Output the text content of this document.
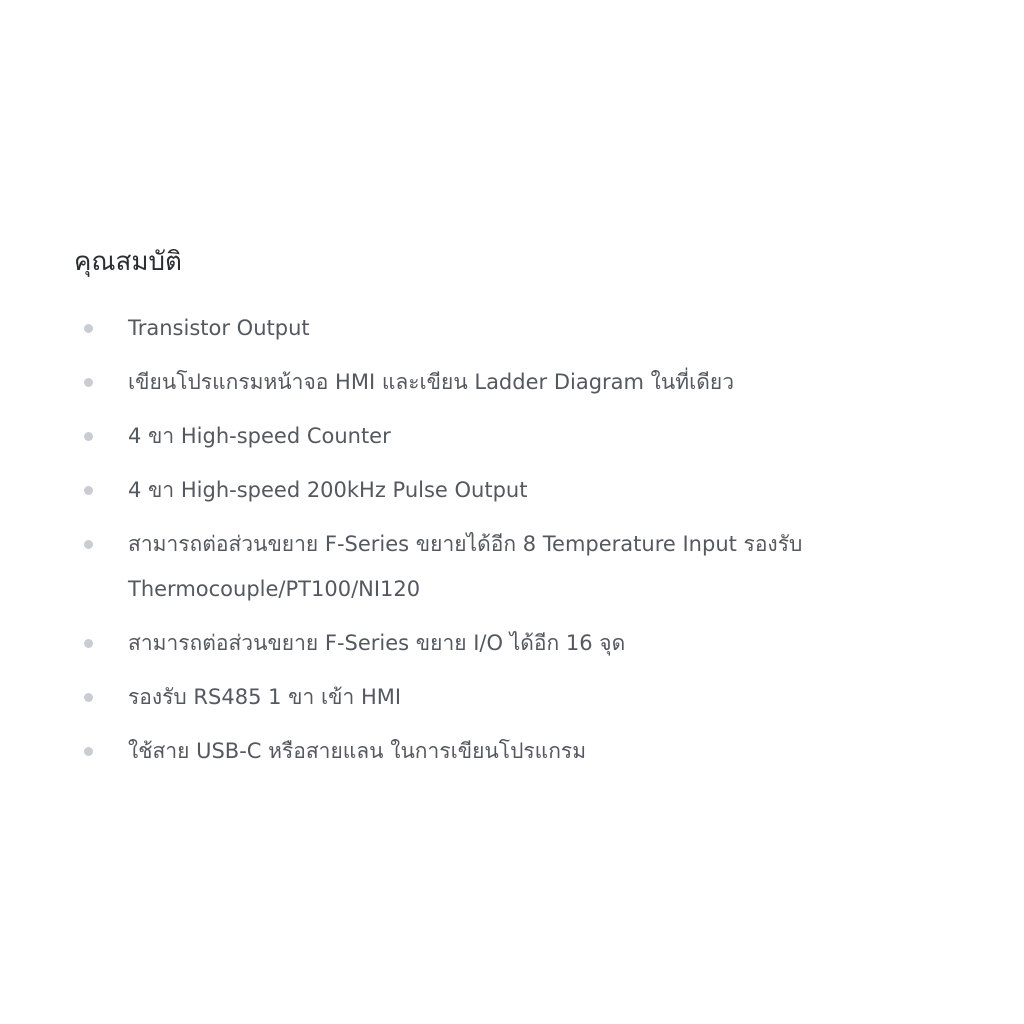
คุณสมบัติ
Transistor Output
เขียนโปรแกรมหน้าจอ HMI และเขียน Ladder Diagram ในที่เดียว
4 ขา High-speed Counter
4 ขา High-speed 200kHz Pulse Output
สามารถต่อส่วนขยาย F-Series ขยายได้อีก 8 Temperature Input รองรับ Thermocouple/PT100/NI120
สามารถต่อส่วนขยาย F-Series ขยาย I/O ได้อีก 16 จุด
รองรับ RS485 1 ขา เข้า HMI
ใช้สาย USB-C หรือสายแลน ในการเขียนโปรแกรม
